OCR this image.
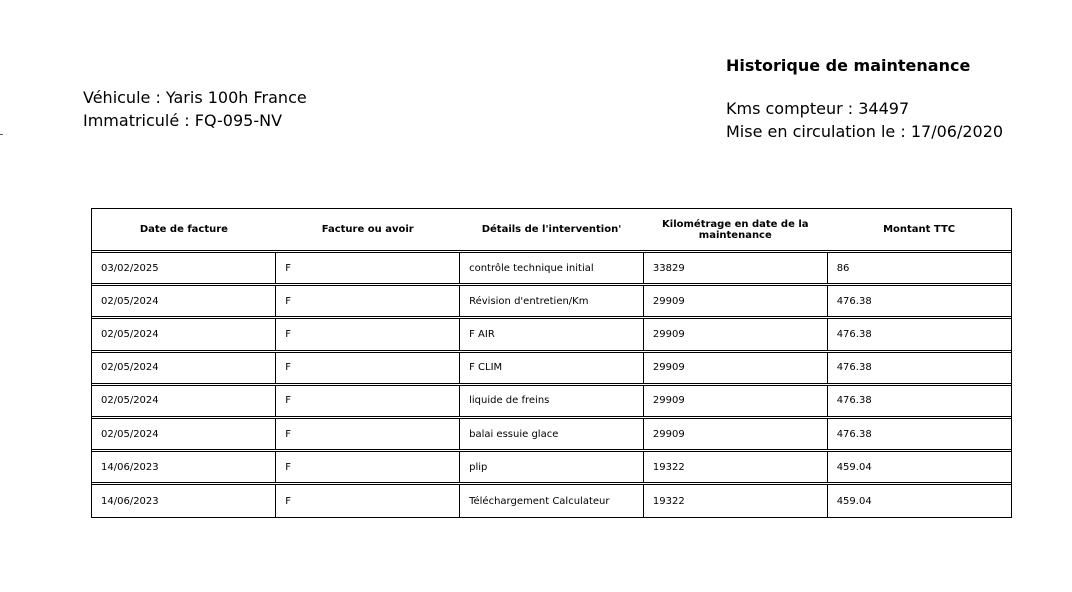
Véhicule : Yaris 100h France
Immatriculé : FQ-095-NV
Historique de maintenance
Kms compteur : 34497
Mise en circulation le : 17/06/2020
Date de facture	Facture ou avoir	Détails de l'intervention'	Kilométrage en date de la maintenance	Montant TTC
03/02/2025	F	contrôle technique initial	33829	86
02/05/2024	F	Révision d'entretien/Km	29909	476.38
02/05/2024	F	F AIR	29909	476.38
02/05/2024	F	F CLIM	29909	476.38
02/05/2024	F	liquide de freins	29909	476.38
02/05/2024	F	balai essuie glace	29909	476.38
14/06/2023	F	plip	19322	459.04
14/06/2023	F	Téléchargement Calculateur	19322	459.04
